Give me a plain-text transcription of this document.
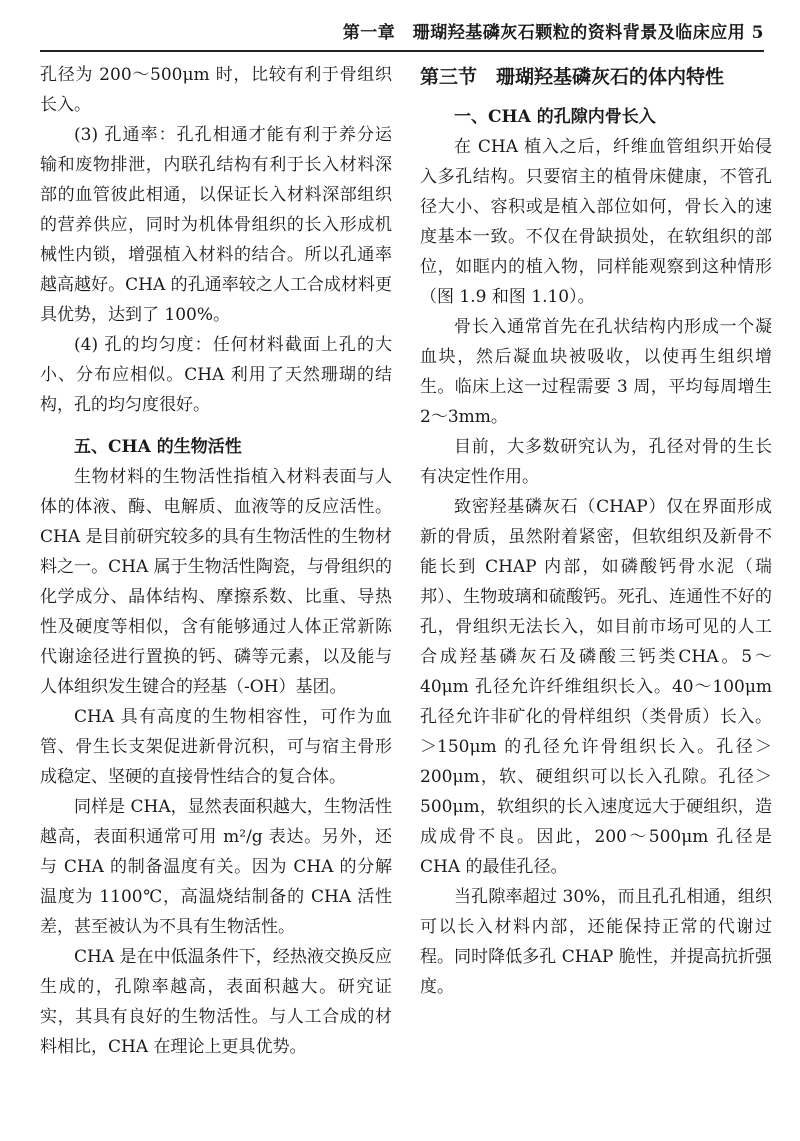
第一章　珊瑚羟基磷灰石颗粒的资料背景及临床应用 5

孔径为 200～500μm 时，比较有利于骨组织长入。

(3) 孔通率：孔孔相通才能有利于养分运输和废物排泄，内联孔结构有利于长入材料深部的血管彼此相通，以保证长入材料深部组织的营养供应，同时为机体骨组织的长入形成机械性内锁，增强植入材料的结合。所以孔通率越高越好。CHA 的孔通率较之人工合成材料更具优势，达到了 100%。

(4) 孔的均匀度：任何材料截面上孔的大小、分布应相似。CHA 利用了天然珊瑚的结构，孔的均匀度很好。

五、CHA 的生物活性

生物材料的生物活性指植入材料表面与人体的体液、酶、电解质、血液等的反应活性。CHA 是目前研究较多的具有生物活性的生物材料之一。CHA 属于生物活性陶瓷，与骨组织的化学成分、晶体结构、摩擦系数、比重、导热性及硬度等相似，含有能够通过人体正常新陈代谢途径进行置换的钙、磷等元素，以及能与人体组织发生键合的羟基（-OH）基团。

CHA 具有高度的生物相容性，可作为血管、骨生长支架促进新骨沉积，可与宿主骨形成稳定、坚硬的直接骨性结合的复合体。

同样是 CHA，显然表面积越大，生物活性越高，表面积通常可用 m²/g 表达。另外，还与 CHA 的制备温度有关。因为 CHA 的分解温度为 1100℃，高温烧结制备的 CHA 活性差，甚至被认为不具有生物活性。

CHA 是在中低温条件下，经热液交换反应生成的，孔隙率越高，表面积越大。研究证实，其具有良好的生物活性。与人工合成的材料相比，CHA 在理论上更具优势。

第三节　珊瑚羟基磷灰石的体内特性
一、CHA 的孔隙内骨长入

在 CHA 植入之后，纤维血管组织开始侵入多孔结构。只要宿主的植骨床健康，不管孔径大小、容积或是植入部位如何，骨长入的速度基本一致。不仅在骨缺损处，在软组织的部位，如眶内的植入物，同样能观察到这种情形（图 1.9 和图 1.10）。

骨长入通常首先在孔状结构内形成一个凝血块，然后凝血块被吸收，以使再生组织增生。临床上这一过程需要 3 周，平均每周增生 2～3mm。

目前，大多数研究认为，孔径对骨的生长有决定性作用。

致密羟基磷灰石（CHAP）仅在界面形成新的骨质，虽然附着紧密，但软组织及新骨不能长到 CHAP 内部，如磷酸钙骨水泥（瑞邦）、生物玻璃和硫酸钙。死孔、连通性不好的孔，骨组织无法长入，如目前市场可见的人工合成羟基磷灰石及磷酸三钙类CHA。5～40μm 孔径允许纤维组织长入。40～100μm 孔径允许非矿化的骨样组织（类骨质）长入。＞150μm 的孔径允许骨组织长入。孔径＞200μm，软、硬组织可以长入孔隙。孔径＞500μm，软组织的长入速度远大于硬组织，造成成骨不良。因此，200～500μm 孔径是 CHA 的最佳孔径。

当孔隙率超过 30%，而且孔孔相通，组织可以长入材料内部，还能保持正常的代谢过程。同时降低多孔 CHAP 脆性，并提高抗折强度。
